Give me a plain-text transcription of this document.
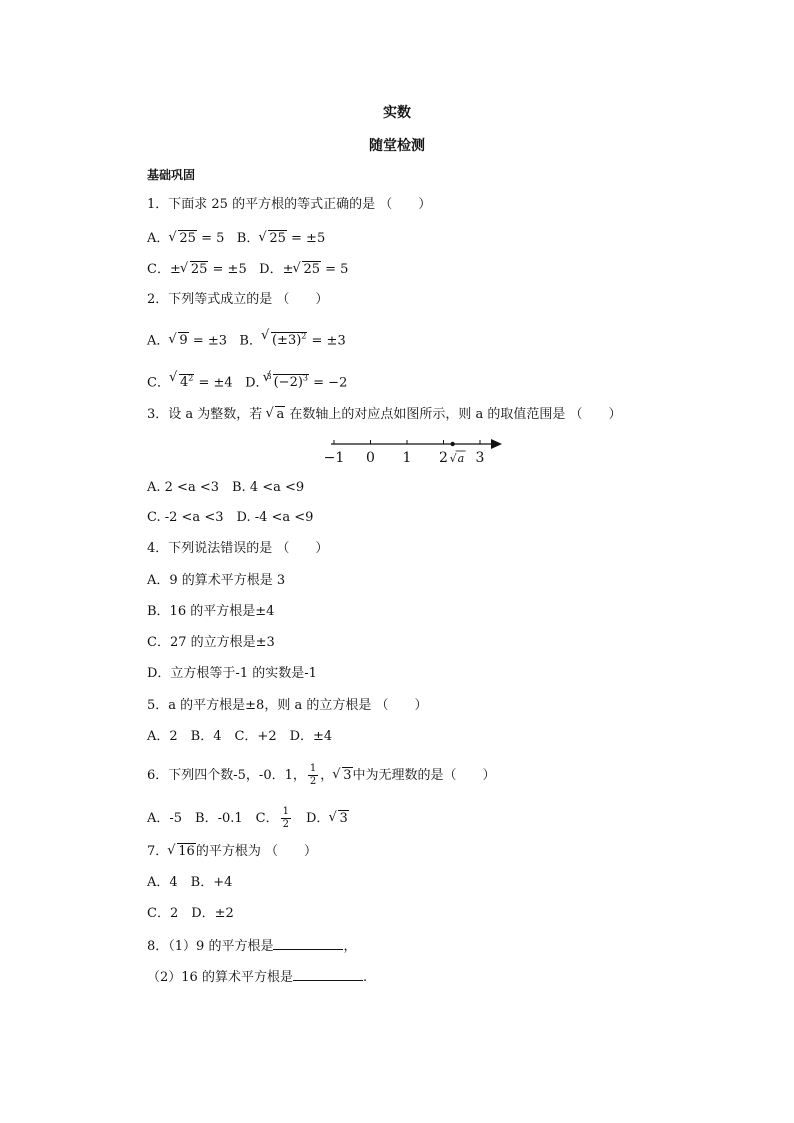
实数
随堂检测
基础巩固
1．下面求 25 的平方根的等式正确的是 （　　）
A． √ 25 = 5 B． √ 25 = ±5
C．± √ 25 = ±5 D．± √ 25 = 5
2．下列等式成立的是 （　　）
A． √ 9 = ±3 B． √ $(\pm 3)^2 = \pm 3$
C． √ $4^2 = \pm 4$ D．$^3$ √ $(-2)^3 = -2$
3．设 a 为整数，若 √ a 在数轴上的对应点如图所示，则 a 的取值范围是 （　　）
−1 0 1 2 3
√ a
A. 2 <a <3　B. 4 <a <9
C. -2 <a <3　D. -4 <a <9
4．下列说法错误的是 （　　）
A．9 的算术平方根是 3
B．16 的平方根是±4
C．27 的立方根是±3
D．立方根等于-1 的实数是-1
5．a 的平方根是±8，则 a 的立方根是 （　　）
A．2　B．4　C．+2　D．±4
6．下列四个数-5，-0．1， $\frac{1}{2}$ ， √ 3中为无理数的是（　　）
A．-5　B．-0.1　C． $\frac{1}{2}$ 　D． √ 3
7． √ 16的平方根为 （　　）
A．4　B．+4
C．2　D．±2
8．（1）9 的平方根是	，
（2）16 的算术平方根是	.
